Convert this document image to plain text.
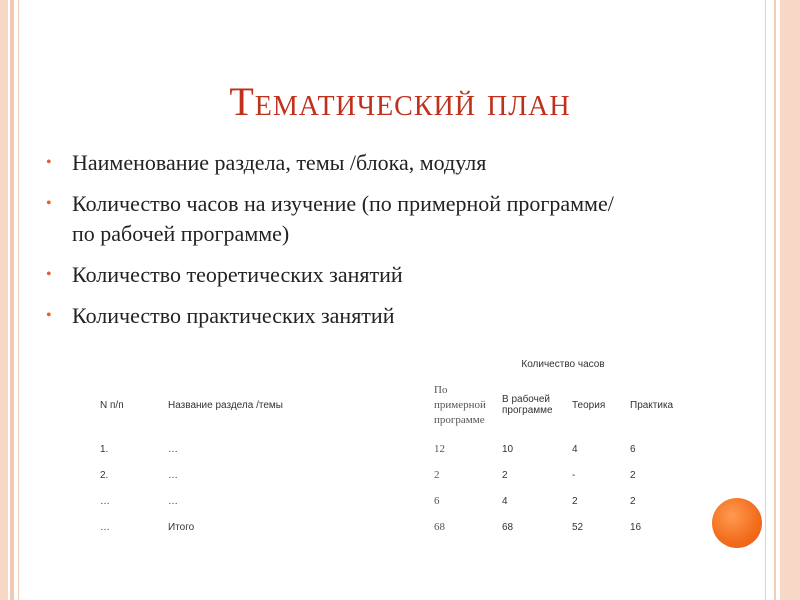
Тематический план
• Наименование раздела, темы /блока, модуля
• Количество часов на изучение (по примерной программе/по рабочей программе)
• Количество теоретических занятий
• Количество практических занятий
		Количество часов			
N п/п	Название раздела /темы	По примерной программе	В рабочей программе	Теория	Практика
1.	…	12	10	4	6
2.	…	2	2	-	2
…	…	6	4	2	2
…	Итого	68	68	52	16
